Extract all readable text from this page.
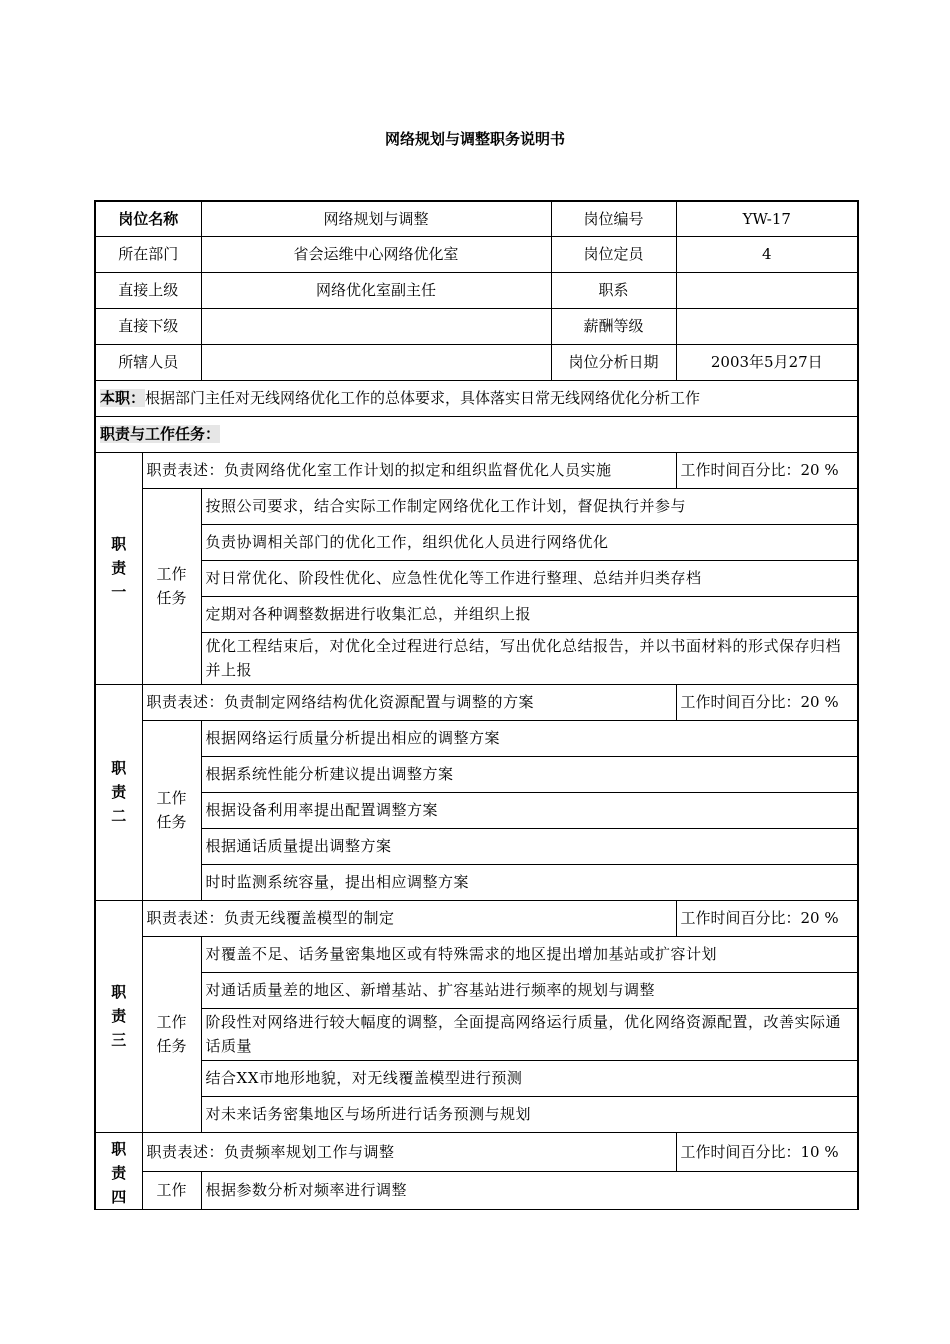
网络规划与调整职务说明书
岗位名称		网络规划与调整	岗位编号	YW-17
所在部门		省会运维中心网络优化室	岗位定员	4
直接上级		网络优化室副主任	职系	
直接下级			薪酬等级	
所辖人员			岗位分析日期	2003年5月27日
本职：根据部门主任对无线网络优化工作的总体要求，具体落实日常无线网络优化分析工作				
职责与工作任务：				

职责一	职责表述：负责网络优化室工作计划的拟定和组织监督优化人员实施			工作时间百分比：20 %

	工作任务	按照公司要求，结合实际工作制定网络优化工作计划，督促执行并参与		
		负责协调相关部门的优化工作，组织优化人员进行网络优化		
		对日常优化、阶段性优化、应急性优化等工作进行整理、总结并归类存档		
		定期对各种调整数据进行收集汇总，并组织上报		
		优化工程结束后，对优化全过程进行总结，写出优化总结报告，并以书面材料的形式保存归档并上报		

职责二	职责表述：负责制定网络结构优化资源配置与调整的方案			工作时间百分比：20 %

	工作任务	根据网络运行质量分析提出相应的调整方案		
		根据系统性能分析建议提出调整方案		
		根据设备利用率提出配置调整方案		
		根据通话质量提出调整方案		
		时时监测系统容量，提出相应调整方案		

职责三	职责表述：负责无线覆盖模型的制定			工作时间百分比：20 %

	工作任务	对覆盖不足、话务量密集地区或有特殊需求的地区提出增加基站或扩容计划		
		对通话质量差的地区、新增基站、扩容基站进行频率的规划与调整		
		阶段性对网络进行较大幅度的调整，全面提高网络运行质量，优化网络资源配置，改善实际通话质量		
		结合XX市地形地貌，对无线覆盖模型进行预测		
		对未来话务密集地区与场所进行话务预测与规划		

职责四	职责表述：负责频率规划工作与调整			工作时间百分比：10 %

	工作	根据参数分析对频率进行调整		
